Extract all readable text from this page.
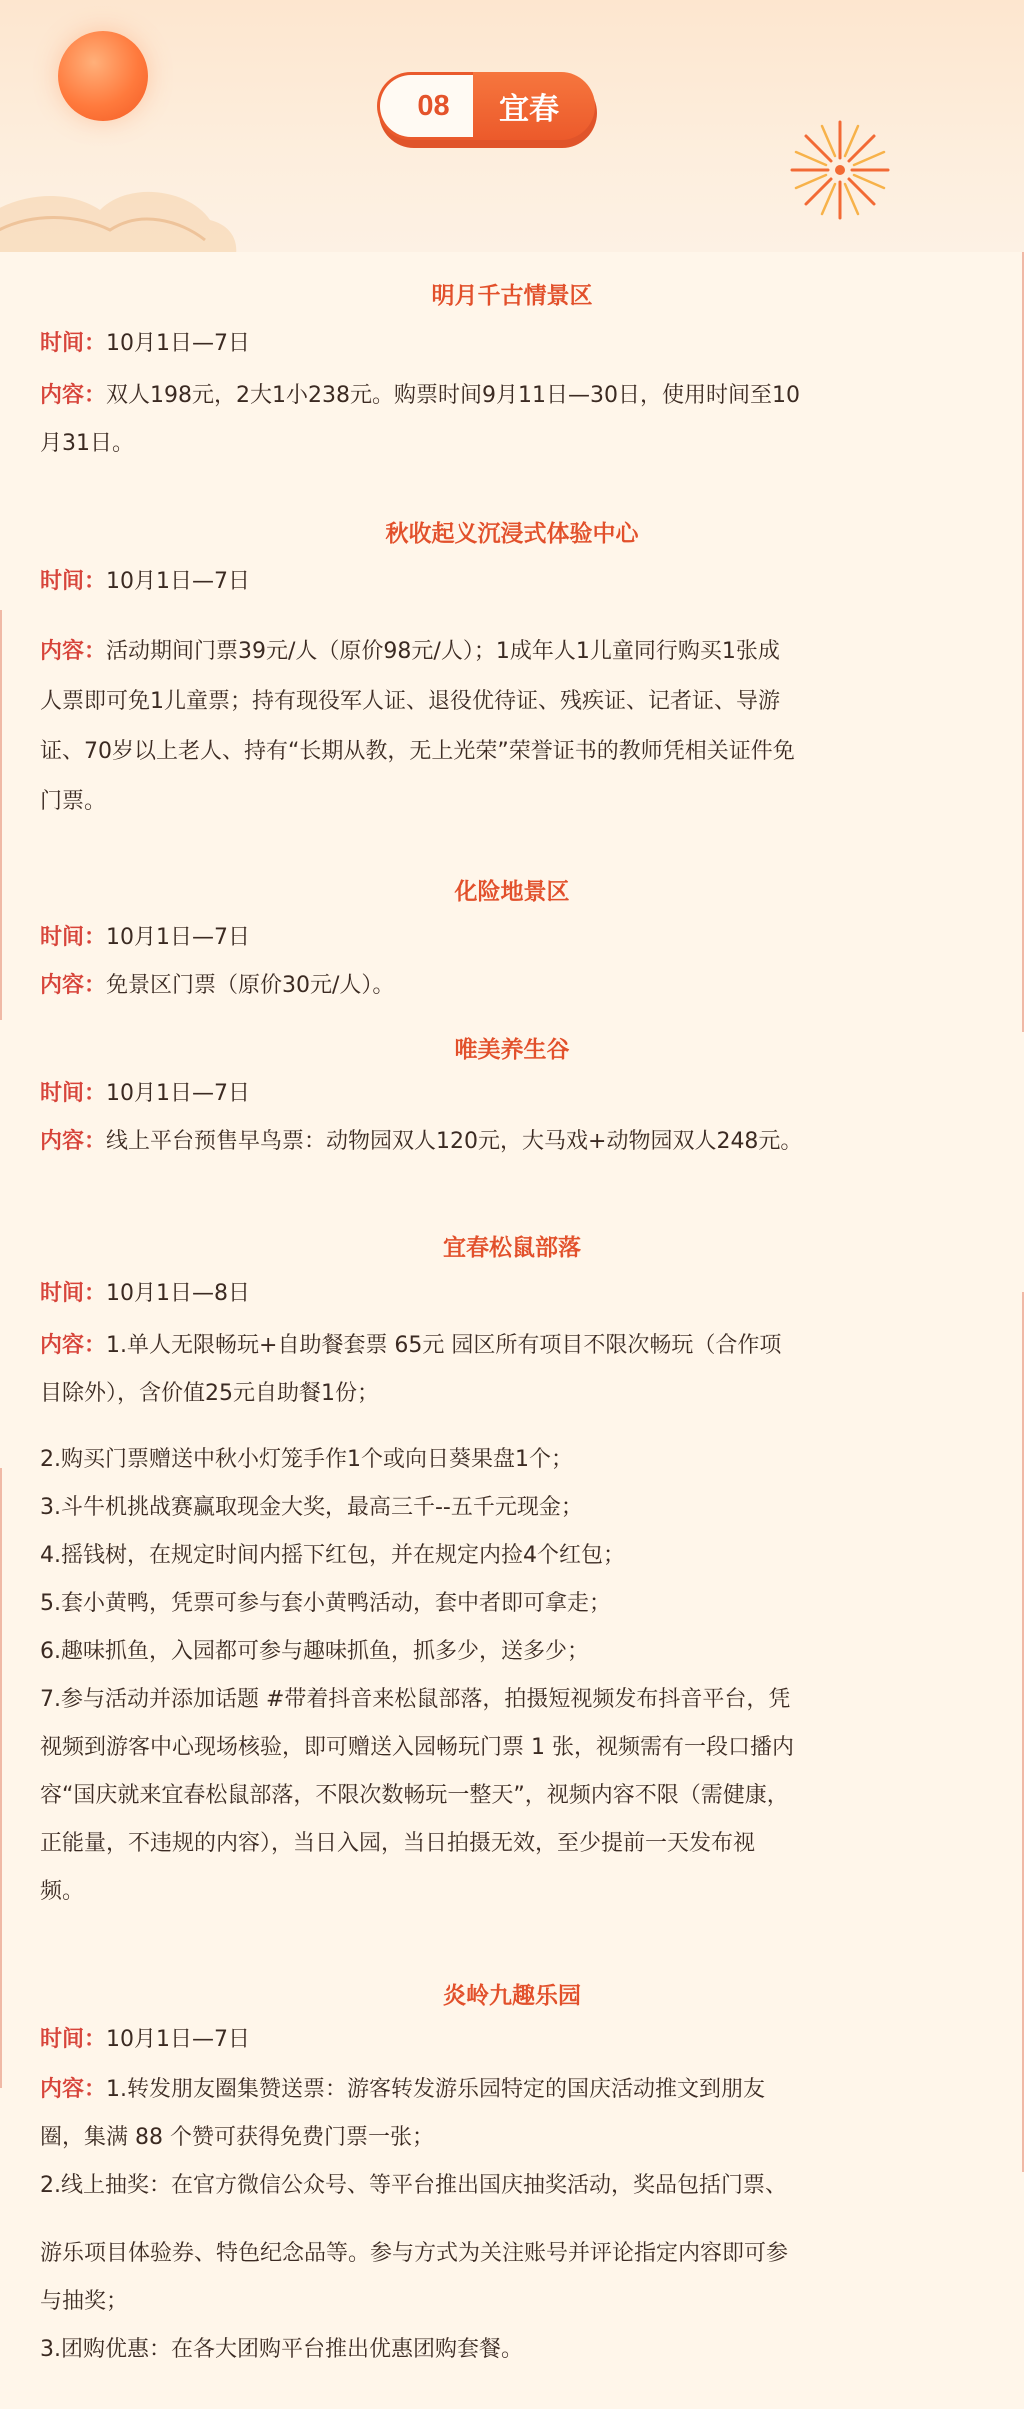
08	宜春
明月千古情景区
时间：10月1日—7日
内容：双人198元，2大1小238元。购票时间9月11日—30日，使用时间至10
月31日。
秋收起义沉浸式体验中心
时间：10月1日—7日
内容：活动期间门票39元/人（原价98元/人）；1成年人1儿童同行购买1张成
人票即可免1儿童票；持有现役军人证、退役优待证、残疾证、记者证、导游
证、70岁以上老人、持有“长期从教，无上光荣”荣誉证书的教师凭相关证件免
门票。
化险地景区
时间：10月1日—7日
内容：免景区门票（原价30元/人）。
唯美养生谷
时间：10月1日—7日
内容：线上平台预售早鸟票：动物园双人120元，大马戏+动物园双人248元。
宜春松鼠部落
时间：10月1日—8日
内容：1.单人无限畅玩+自助餐套票 65元 园区所有项目不限次畅玩（合作项
目除外），含价值25元自助餐1份；
2.购买门票赠送中秋小灯笼手作1个或向日葵果盘1个；
3.斗牛机挑战赛赢取现金大奖，最高三千--五千元现金；
4.摇钱树，在规定时间内摇下红包，并在规定内捡4个红包；
5.套小黄鸭，凭票可参与套小黄鸭活动，套中者即可拿走；
6.趣味抓鱼，入园都可参与趣味抓鱼，抓多少，送多少；
7.参与活动并添加话题 #带着抖音来松鼠部落，拍摄短视频发布抖音平台，凭
视频到游客中心现场核验，即可赠送入园畅玩门票 1 张，视频需有一段口播内
容“国庆就来宜春松鼠部落，不限次数畅玩一整天”，视频内容不限（需健康，
正能量，不违规的内容），当日入园，当日拍摄无效，至少提前一天发布视
频。
炎岭九趣乐园
时间：10月1日—7日
内容：1.转发朋友圈集赞送票：游客转发游乐园特定的国庆活动推文到朋友
圈，集满 88 个赞可获得免费门票一张；
2.线上抽奖：在官方微信公众号、等平台推出国庆抽奖活动，奖品包括门票、
游乐项目体验券、特色纪念品等。参与方式为关注账号并评论指定内容即可参
与抽奖；
3.团购优惠：在各大团购平台推出优惠团购套餐。
